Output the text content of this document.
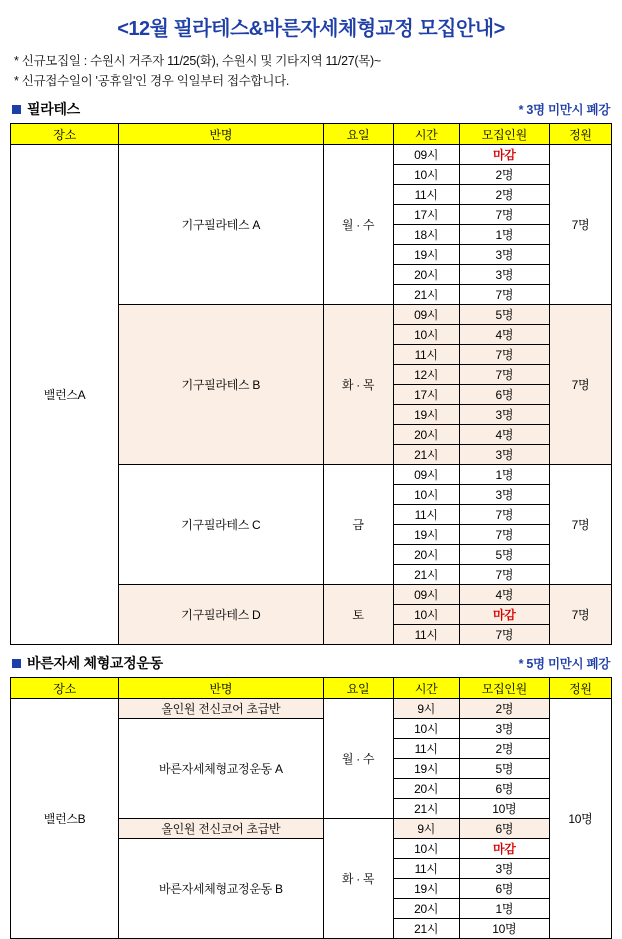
<12월 필라테스&바른자세체형교정 모집안내>
* 신규모집일 : 수원시 거주자 11/25(화), 수원시 및 기타지역 11/27(목)~
* 신규접수일이 '공휴일'인 경우 익일부터 접수합니다.
필라테스	* 3명 미만시 폐강
장소	반명	요일	시간	모집인원	정원
밸런스A	기구필라테스 A	월 · 수	09시	마감	7명
			10시	2명	
			11시	2명	
			17시	7명	
			18시	1명	
			19시	3명	
			20시	3명	
			21시	7명	
	기구필라테스 B	화 · 목	09시	5명	7명
			10시	4명	
			11시	7명	
			12시	7명	
			17시	6명	
			19시	3명	
			20시	4명	
			21시	3명	
	기구필라테스 C	금	09시	1명	7명
			10시	3명	
			11시	7명	
			19시	7명	
			20시	5명	
			21시	7명	
	기구필라테스 D	토	09시	4명	7명
			10시	마감	
			11시	7명	
바른자세 체형교정운동	* 5명 미만시 폐강
장소	반명	요일	시간	모집인원	정원
밸런스B	올인원 전신코어 초급반	월 · 수	9시	2명	10명
	바른자세체형교정운동 A		10시	3명	
			11시	2명	
			19시	5명	
			20시	6명	
			21시	10명	
	올인원 전신코어 초급반	화 · 목	9시	6명	
	바른자세체형교정운동 B		10시	마감	
			11시	3명	
			19시	6명	
			20시	1명	
			21시	10명	
